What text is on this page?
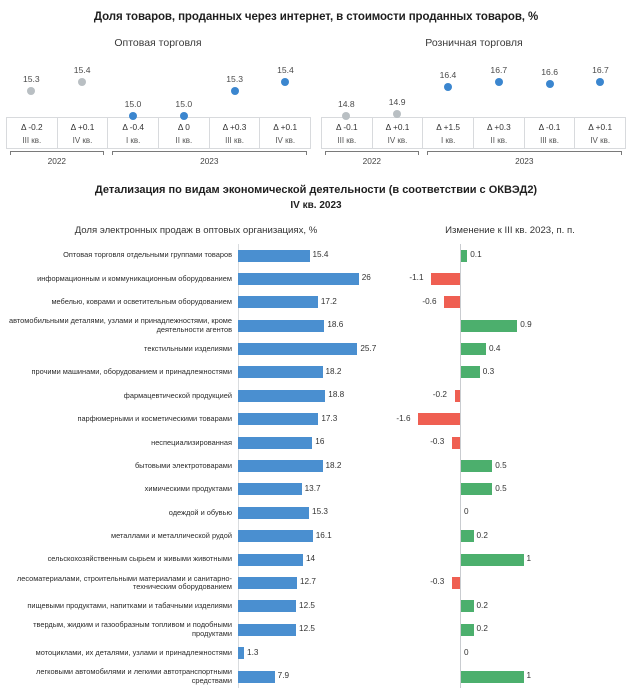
Доля товаров, проданных через интернет, в стоимости проданных товаров, %
Оптовая торговля	Розничная торговля
15.3
15.4
15.0	15.0
15.3
15.4
Δ -0.2
III кв.
Δ +0.1
IV кв.
Δ -0.4
I кв.
Δ 0
II кв.
Δ +0.3
III кв.
Δ +0.1
IV кв.
2022	2023
14.8	14.9
16.4
16.7	16.6	16.7
Δ -0.1
III кв.
Δ +0.1
IV кв.
Δ +1.5
I кв.
Δ +0.3
II кв.
Δ -0.1
III кв.
Δ +0.1
IV кв.
2022	2023
Детализация по видам экономической деятельности (в соответствии с ОКВЭД2)
IV кв. 2023
Доля электронных продаж в оптовых организациях, %	Изменение к III кв. 2023, п. п.
Оптовая торговля отдельными группами товаров	15.4	0.1
информационным и коммуникационным оборудованием	26	-1.1
мебелью, коврами и осветительным оборудованием	17.2	-0.6
автомобильными деталями, узлами и принадлежностями, кроме деятельности агентов
18.6	0.9
текстильными изделиями	25.7	0.4
прочими машинами, оборудованием и принадлежностями	18.2	0.3
фармацевтической продукцией	18.8	-0.2
парфюмерными и косметическими товарами	17.3	-1.6
неспециализированная	16	-0.3
бытовыми электротоварами	18.2	0.5
химическими продуктами	13.7	0.5
одеждой и обувью	15.3	0
металлами и металлической рудой	16.1	0.2
сельскохозяйственным сырьем и живыми животными	14	1
лесоматериалами, строительными материалами и санитарно-техническим оборудованием
12.7	-0.3
пищевыми продуктами, напитками и табачными изделиями	12.5	0.2
твердым, жидким и газообразным топливом и подобными продуктами
12.5	0.2
мотоциклами, их деталями, узлами и принадлежностями	1.3	0
легковыми автомобилями и легкими автотранспортными средствами
7.9	1
